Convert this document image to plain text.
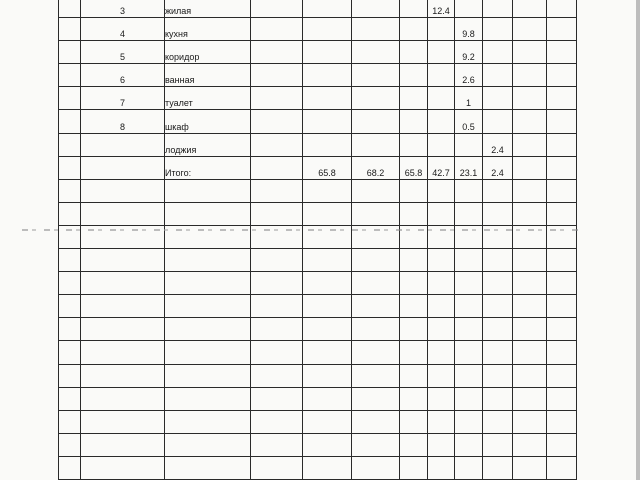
	3	жилая					12.4				
	4	кухня						9.8			
	5	коридор						9.2			
	6	ванная						2.6			
	7	туалет						1			
	8	шкаф						0.5			
		лоджия							2.4		
		Итого:		65.8	68.2	65.8	42.7	23.1	2.4		
